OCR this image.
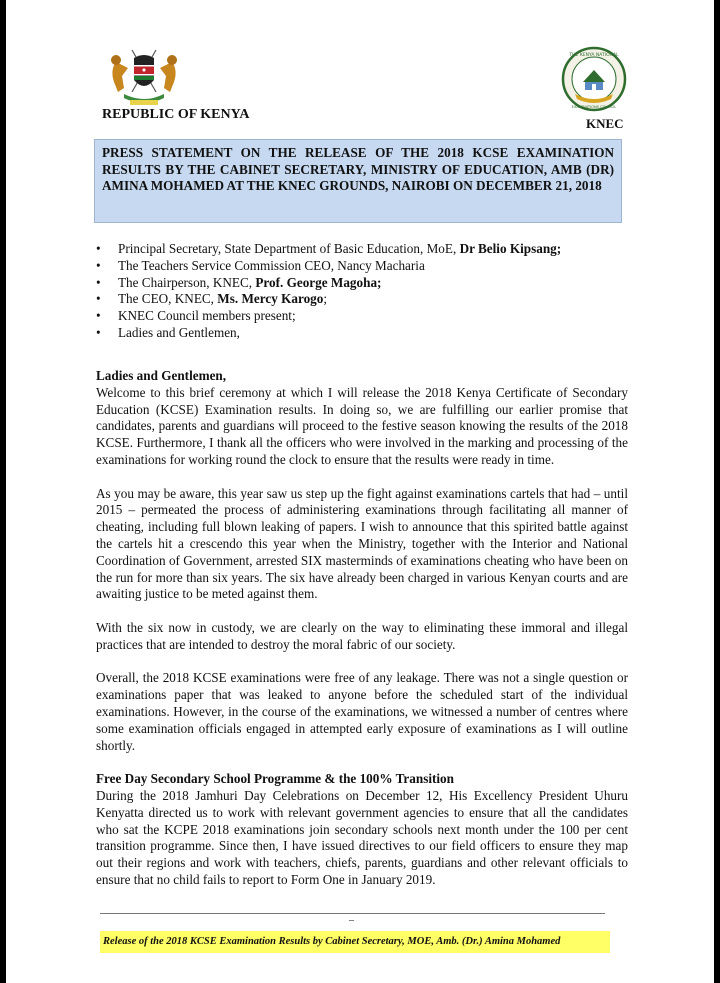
REPUBLIC OF KENYA
THE KENYA NATIONAL
EXAMINATIONS COUNCIL
KNEC
PRESS STATEMENT ON THE RELEASE OF THE 2018 KCSE EXAMINATION RESULTS BY THE CABINET SECRETARY, MINISTRY OF EDUCATION, AMB (DR) AMINA MOHAMED AT THE KNEC GROUNDS, NAIROBI ON DECEMBER 21, 2018
• Principal Secretary, State Department of Basic Education, MoE, Dr Belio Kipsang;
• The Teachers Service Commission CEO, Nancy Macharia
• The Chairperson, KNEC, Prof. George Magoha;
• The CEO, KNEC, Ms. Mercy Karogo;
• KNEC Council members present;
• Ladies and Gentlemen,
Ladies and Gentlemen,

Welcome to this brief ceremony at which I will release the 2018 Kenya Certificate of Secondary Education (KCSE) Examination results. In doing so, we are fulfilling our earlier promise that candidates, parents and guardians will proceed to the festive season knowing the results of the 2018 KCSE. Furthermore, I thank all the officers who were involved in the marking and processing of the examinations for working round the clock to ensure that the results were ready in time.

As you may be aware, this year saw us step up the fight against examinations cartels that had – until 2015 – permeated the process of administering examinations through facilitating all manner of cheating, including full blown leaking of papers. I wish to announce that this spirited battle against the cartels hit a crescendo this year when the Ministry, together with the Interior and National Coordination of Government, arrested SIX masterminds of examinations cheating who have been on the run for more than six years. The six have already been charged in various Kenyan courts and are awaiting justice to be meted against them.

With the six now in custody, we are clearly on the way to eliminating these immoral and illegal practices that are intended to destroy the moral fabric of our society.

Overall, the 2018 KCSE examinations were free of any leakage. There was not a single question or examinations paper that was leaked to anyone before the scheduled start of the individual examinations. However, in the course of the examinations, we witnessed a number of centres where some examination officials engaged in attempted early exposure of examinations as I will outline shortly.

Free Day Secondary School Programme & the 100% Transition

During the 2018 Jamhuri Day Celebrations on December 12, His Excellency President Uhuru Kenyatta directed us to work with relevant government agencies to ensure that all the candidates who sat the KCPE 2018 examinations join secondary schools next month under the 100 per cent transition programme. Since then, I have issued directives to our field officers to ensure they map out their regions and work with teachers, chiefs, parents, guardians and other relevant officials to ensure that no child fails to report to Form One in January 2019.

–
Release of the 2018 KCSE Examination Results by Cabinet Secretary, MOE, Amb. (Dr.) Amina Mohamed
